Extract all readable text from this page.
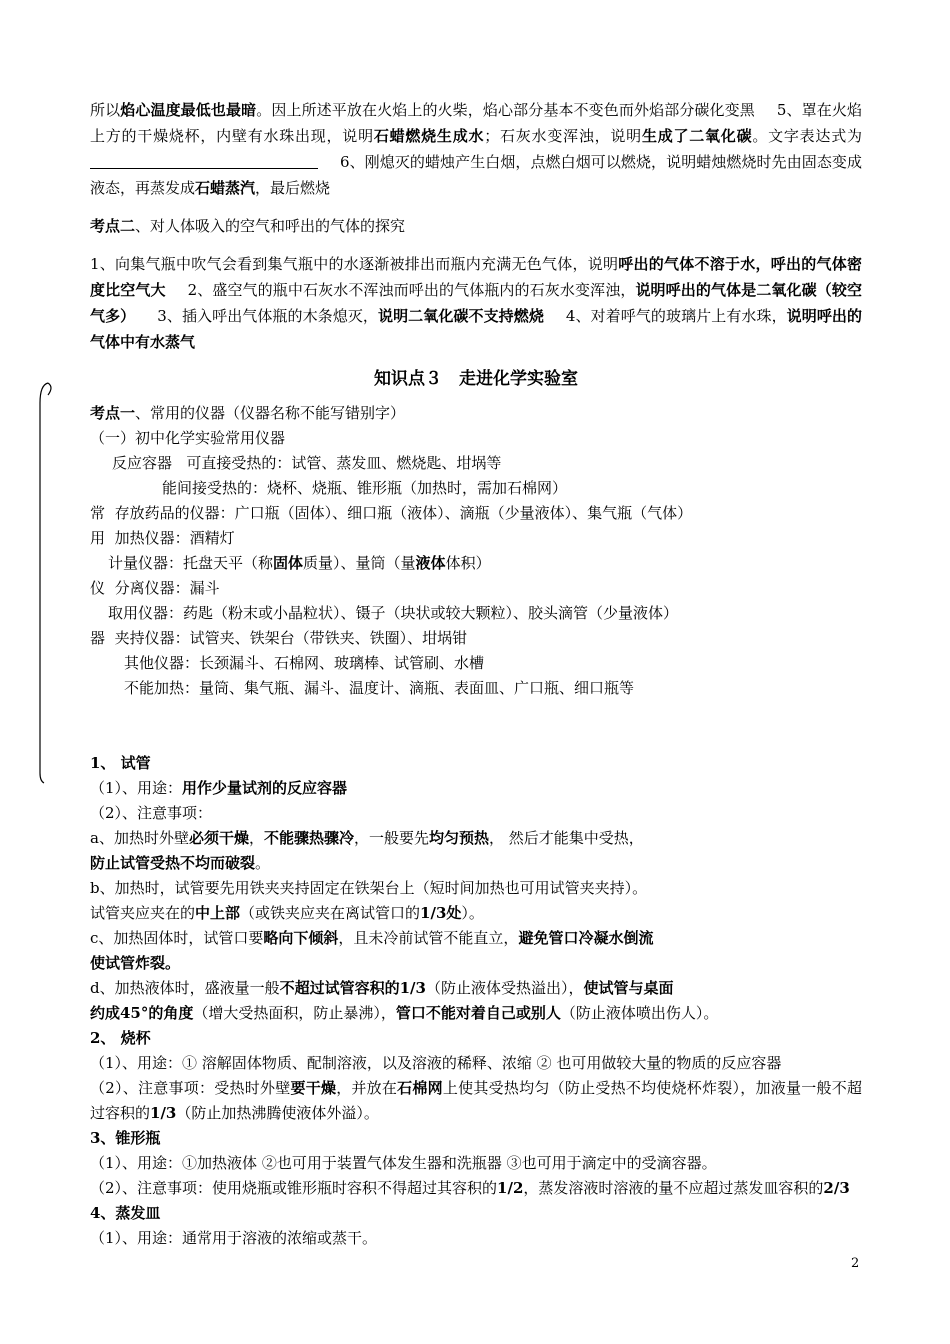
所以焰心温度最低也最暗。因上所述平放在火焰上的火柴，焰心部分基本不变色而外焰部分碳化变黑 5、罩在火焰上方的干燥烧杯，内壁有水珠出现，说明石蜡燃烧生成水；石灰水变浑浊，说明生成了二氧化碳。文字表达式为6、刚熄灭的蜡烛产生白烟，点燃白烟可以燃烧，说明蜡烛燃烧时先由固态变成液态，再蒸发成石蜡蒸汽，最后燃烧

考点二、对人体吸入的空气和呼出的气体的探究

1、向集气瓶中吹气会看到集气瓶中的水逐渐被排出而瓶内充满无色气体，说明呼出的气体不溶于水，呼出的气体密度比空气大 2、盛空气的瓶中石灰水不浑浊而呼出的气体瓶内的石灰水变浑浊，说明呼出的气体是二氧化碳（较空气多） 3、插入呼出气体瓶的木条熄灭，说明二氧化碳不支持燃烧 4、对着呼气的玻璃片上有水珠，说明呼出的气体中有水蒸气

知识点３　走进化学实验室

考点一、常用的仪器（仪器名称不能写错别字）

（一）初中化学实验常用仪器

反应容器 可直接受热的：试管、蒸发皿、燃烧匙、坩埚等
能间接受热的：烧杯、烧瓶、锥形瓶（加热时，需加石棉网）
常 存放药品的仪器：广口瓶（固体）、细口瓶（液体）、滴瓶（少量液体）、集气瓶（气体）
用 加热仪器：酒精灯
计量仪器：托盘天平（称固体质量）、量筒（量液体体积）
仪 分离仪器：漏斗
取用仪器：药匙（粉末或小晶粒状）、镊子（块状或较大颗粒）、胶头滴管（少量液体）
器 夹持仪器：试管夹、铁架台（带铁夹、铁圈）、坩埚钳
其他仪器：长颈漏斗、石棉网、玻璃棒、试管刷、水槽
不能加热：量筒、集气瓶、漏斗、温度计、滴瓶、表面皿、广口瓶、细口瓶等

1、 试管

（1）、用途：用作少量试剂的反应容器

（2）、注意事项：

a、加热时外壁必须干燥，不能骤热骤冷，一般要先均匀预热， 然后才能集中受热，

防止试管受热不均而破裂。

b、加热时，试管要先用铁夹夹持固定在铁架台上（短时间加热也可用试管夹夹持）。

试管夹应夹在的中上部（或铁夹应夹在离试管口的1/3处）。

c、加热固体时，试管口要略向下倾斜，且未冷前试管不能直立，避免管口冷凝水倒流

使试管炸裂。

d、加热液体时，盛液量一般不超过试管容积的1/3（防止液体受热溢出），使试管与桌面

约成45°的角度（增大受热面积，防止暴沸），管口不能对着自己或别人（防止液体喷出伤人）。

2、 烧杯

（1）、用途：① 溶解固体物质、配制溶液，以及溶液的稀释、浓缩 ② 也可用做较大量的物质的反应容器

（2）、注意事项：受热时外壁要干燥，并放在石棉网上使其受热均匀（防止受热不均使烧杯炸裂），加液量一般不超过容积的1/3（防止加热沸腾使液体外溢）。

3、锥形瓶

（1）、用途：①加热液体 ②也可用于装置气体发生器和洗瓶器 ③也可用于滴定中的受滴容器。

（2）、注意事项：使用烧瓶或锥形瓶时容积不得超过其容积的1/2，蒸发溶液时溶液的量不应超过蒸发皿容积的2/3

4、蒸发皿

（1）、用途：通常用于溶液的浓缩或蒸干。

2
